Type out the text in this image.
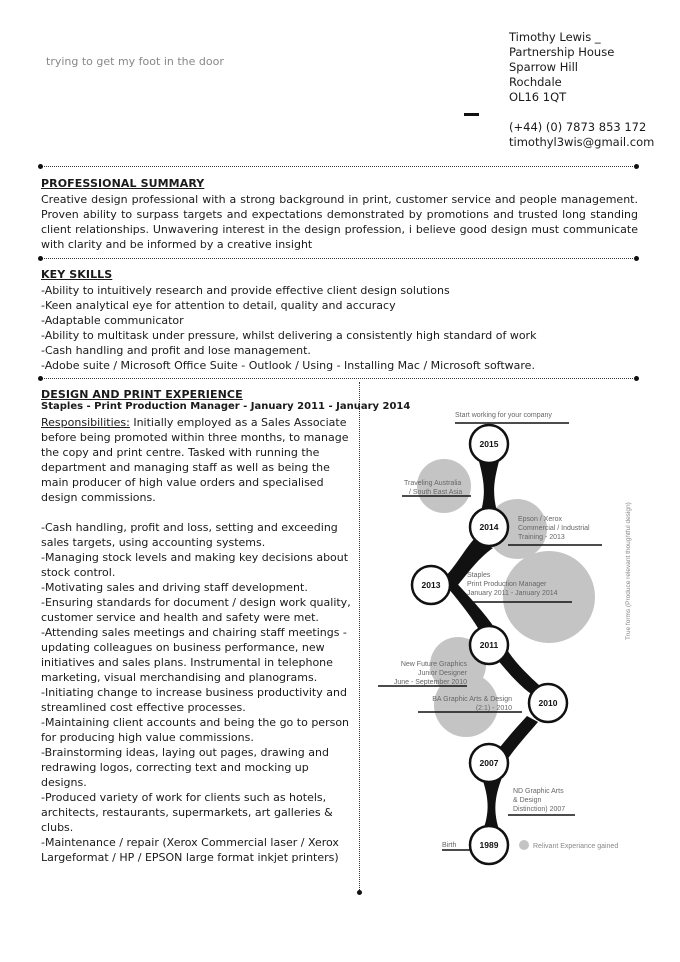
trying to get my foot in the door
Timothy Lewis _
Partnership House
Sparrow Hill
Rochdale
OL16 1QT
(+44) (0) 7873 853 172
timothyl3wis@gmail.com
PROFESSIONAL SUMMARY
Creative design professional with a strong background in print, customer service and people management. Proven ability to surpass targets and expectations demonstrated by promotions and trusted long standing client relationships. Unwavering interest in the design profession, i believe good design must communicate with clarity and be informed by a creative insight
KEY SKILLS
-Ability to intuitively research and provide effective client design solutions
-Keen analytical eye for attention to detail, quality and accuracy
-Adaptable communicator
-Ability to multitask under pressure, whilst delivering a consistently high standard of work
-Cash handling and profit and lose management.
-Adobe suite / Microsoft Office Suite - Outlook / Using - Installing Mac / Microsoft software.
DESIGN AND PRINT EXPERIENCE
Staples - Print Production Manager - January 2011 - January 2014

Responsibilities: Initially employed as a Sales Associate before being promoted within three months, to manage the copy and print centre. Tasked with running the department and managing staff as well as being the main producer of high value orders and specialised design commissions.

-Cash handling, profit and loss, setting and exceeding sales targets, using accounting systems.

-Managing stock levels and making key decisions about stock control.

-Motivating sales and driving staff development.

-Ensuring standards for document / design work quality, customer service and health and safety were met.

-Attending sales meetings and chairing staff meetings - updating colleagues on business performance, new initiatives and sales plans. Instrumental in telephone marketing, visual merchandising and planograms.

-Initiating change to increase business productivity and streamlined cost effective processes.

-Maintaining client accounts and being the go to person for producing high value commissions.

-Brainstorming ideas, laying out pages, drawing and redrawing logos, correcting text and mocking up designs.

-Produced variety of work for clients such as hotels, architects, restaurants, supermarkets, art galleries & clubs.

-Maintenance / repair (Xerox Commercial laser / Xerox Largeformat / HP / EPSON large format inkjet printers)

2015
2014
2013
2011
2010
2007
1989
Start working for your company
Traveling Australia
/ South East Asia
Epson / Xerox
Commercial / Industrial
Training - 2013
Staples
Print Production Manager
January 2011 - January 2014
New Future Graphics
Junior Designer
June - September 2010
BA Graphic Arts & Design
(2:1) - 2010
ND Graphic Arts
& Design
Distinction) 2007
Birth	Relivant Experiance gained
True forms (Produce relevant thoughtful design)
